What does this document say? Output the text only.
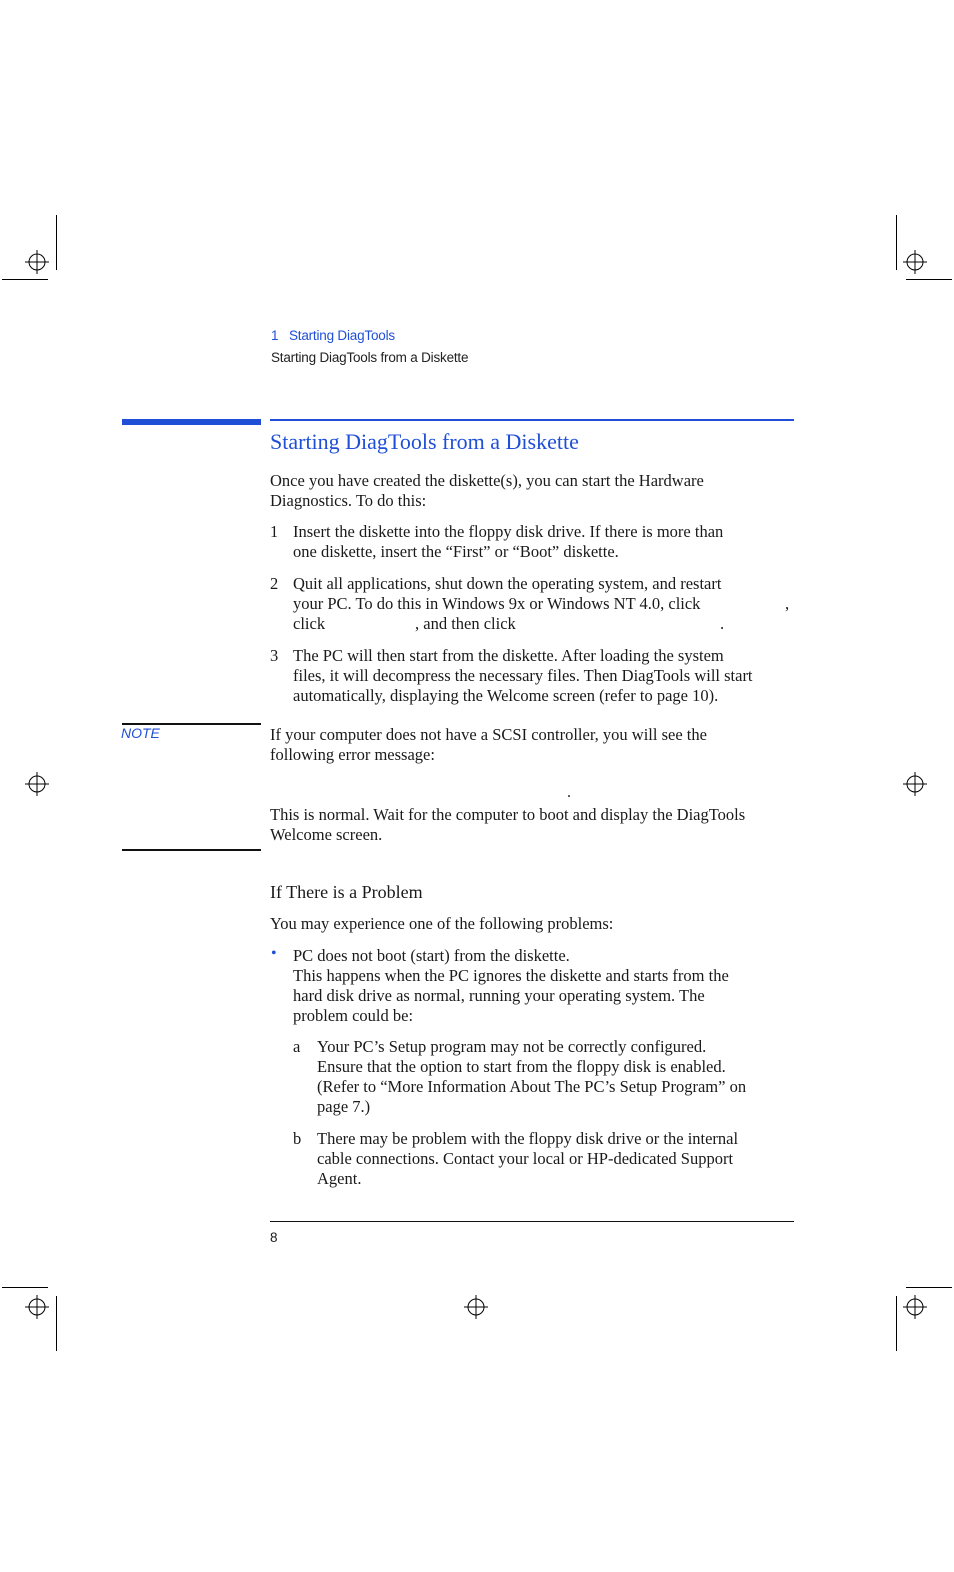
1   Starting DiagTools
Starting DiagTools from a Diskette
Starting DiagTools from a Diskette
Once you have created the diskette(s), you can start the Hardware
Diagnostics. To do this:
1 Insert the diskette into the floppy disk drive. If there is more than
one diskette, insert the “First” or “Boot” diskette.
2 Quit all applications, shut down the operating system, and restart
your PC. To do this in Windows 9x or Windows NT 4.0, click	,
click	, and then click	.
3 The PC will then start from the diskette. After loading the system
files, it will decompress the necessary files. Then DiagTools will start
automatically, displaying the Welcome screen (refer to page 10).
NOTE	If your computer does not have a SCSI controller, you will see the
following error message:
.
This is normal. Wait for the computer to boot and display the DiagTools
Welcome screen.
If There is a Problem
You may experience one of the following problems:
• PC does not boot (start) from the diskette.
This happens when the PC ignores the diskette and starts from the
hard disk drive as normal, running your operating system. The
problem could be:
a Your PC’s Setup program may not be correctly configured.
Ensure that the option to start from the floppy disk is enabled.
(Refer to “More Information About The PC’s Setup Program” on
page 7.)
b There may be problem with the floppy disk drive or the internal
cable connections. Contact your local or HP-dedicated Support
Agent.
8
